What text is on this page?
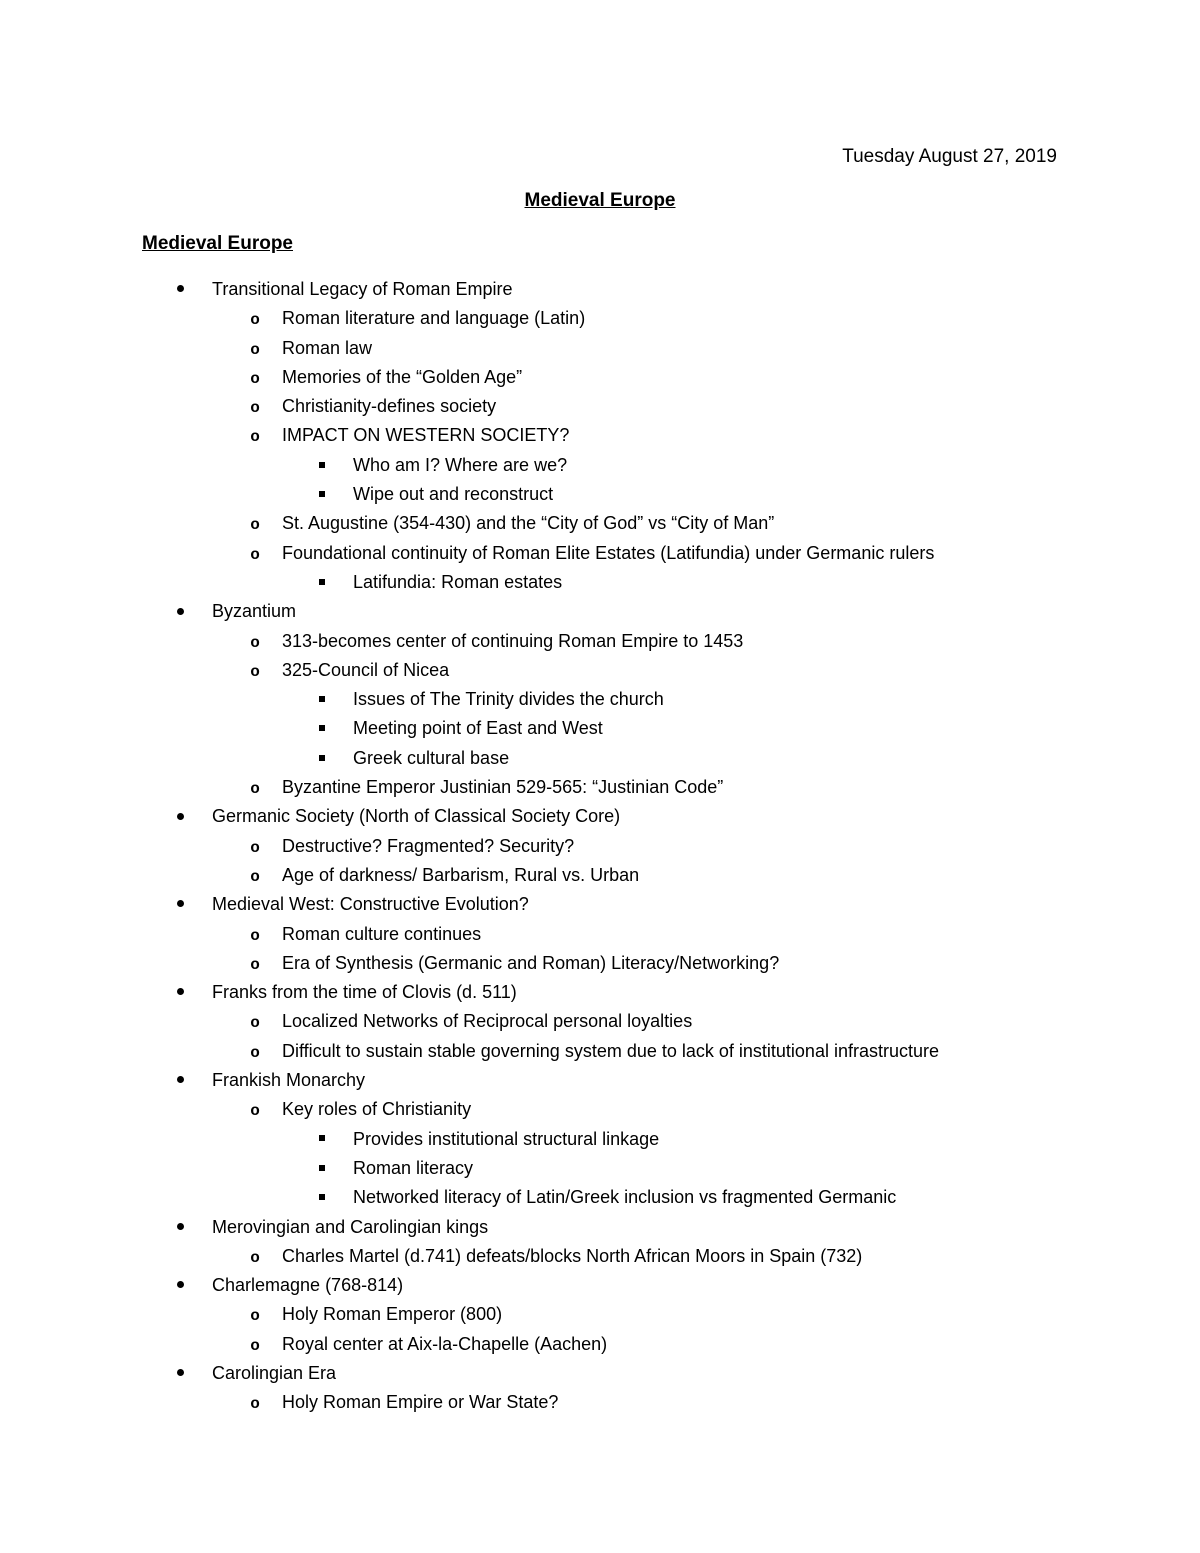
Tuesday August 27, 2019
Medieval Europe
Medieval Europe
Transitional Legacy of Roman Empire
o Roman literature and language (Latin)
o Roman law
o Memories of the “Golden Age”
o Christianity-defines society
o IMPACT ON WESTERN SOCIETY?
Who am I? Where are we?
Wipe out and reconstruct
o St. Augustine (354-430) and the “City of God” vs “City of Man”
o Foundational continuity of Roman Elite Estates (Latifundia) under Germanic rulers
Latifundia: Roman estates
Byzantium
o 313-becomes center of continuing Roman Empire to 1453
o 325-Council of Nicea
Issues of The Trinity divides the church
Meeting point of East and West
Greek cultural base
o Byzantine Emperor Justinian 529-565: “Justinian Code”
Germanic Society (North of Classical Society Core)
o Destructive? Fragmented? Security?
o Age of darkness/ Barbarism, Rural vs. Urban
Medieval West: Constructive Evolution?
o Roman culture continues
o Era of Synthesis (Germanic and Roman) Literacy/Networking?
Franks from the time of Clovis (d. 511)
o Localized Networks of Reciprocal personal loyalties
o Difficult to sustain stable governing system due to lack of institutional infrastructure
Frankish Monarchy
o Key roles of Christianity
Provides institutional structural linkage
Roman literacy
Networked literacy of Latin/Greek inclusion vs fragmented Germanic
Merovingian and Carolingian kings
o Charles Martel (d.741) defeats/blocks North African Moors in Spain (732)
Charlemagne (768-814)
o Holy Roman Emperor (800)
o Royal center at Aix-la-Chapelle (Aachen)
Carolingian Era
o Holy Roman Empire or War State?
